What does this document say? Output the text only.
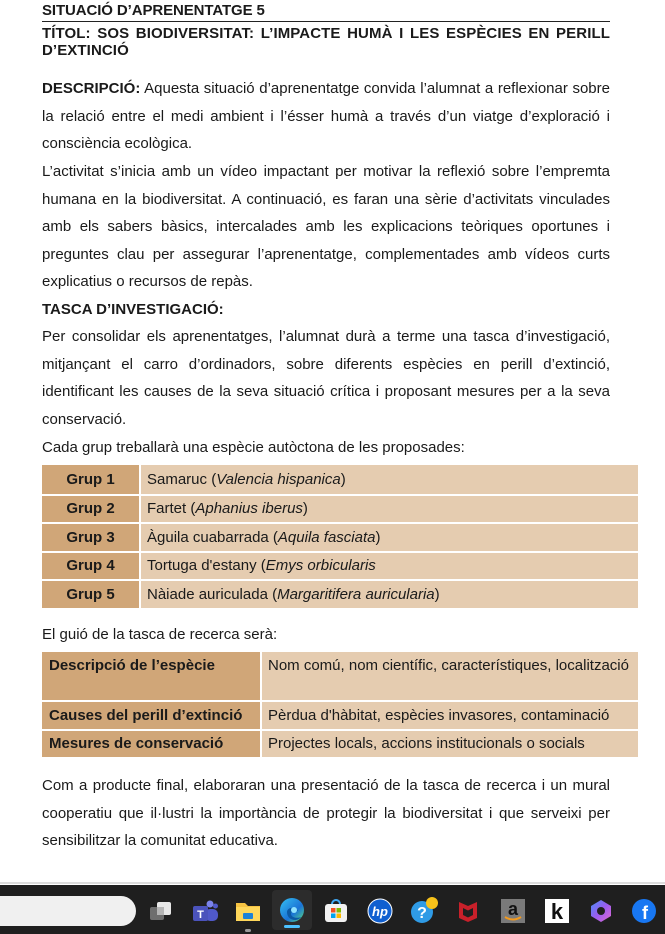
SITUACIÓ D’APRENENTATGE 5
TÍTOL: SOS BIODIVERSITAT: L’IMPACTE HUMÀ I LES ESPÈCIES EN PERILL D’EXTINCIÓ
DESCRIPCIÓ: Aquesta situació d’aprenentatge convida l’alumnat a reflexionar sobre la relació entre el medi ambient i l’ésser humà a través d’un viatge d’exploració i consciència ecològica.
L’activitat s’inicia amb un vídeo impactant per motivar la reflexió sobre l’empremta humana en la biodiversitat. A continuació, es faran una sèrie d’activitats vinculades amb els sabers bàsics, intercalades amb les explicacions teòriques oportunes i preguntes clau per assegurar l’aprenentatge, complementades amb vídeos curts explicatius o recursos de repàs.
TASCA D’INVESTIGACIÓ:
Per consolidar els aprenentatges, l’alumnat durà a terme una tasca d’investigació, mitjançant el carro d’ordinadors, sobre diferents espècies en perill d’extinció, identificant les causes de la seva situació crítica i proposant mesures per a la seva conservació.
Cada grup treballarà una espècie autòctona de les proposades:
Grup 1	Samaruc (Valencia hispanica)
Grup 2	Fartet (Aphanius iberus)
Grup 3	Àguila cuabarrada (Aquila fasciata)
Grup 4	Tortuga d'estany (Emys orbicularis
Grup 5	Nàiade auriculada (Margaritifera auricularia)
El guió de la tasca de recerca serà:
Descripció de l’espècie	Nom comú, nom científic, característiques, localització
Causes del perill d’extinció	Pèrdua d'hàbitat, espècies invasores, contaminació
Mesures de conservació	Projectes locals, accions institucionals o socials
Com a producte final, elaboraran una presentació de la tasca de recerca i un mural cooperatiu que il·lustri la importància de protegir la biodiversitat i que serveixi per sensibilitzar la comunitat educativa.
T	hp ?	a k	f
